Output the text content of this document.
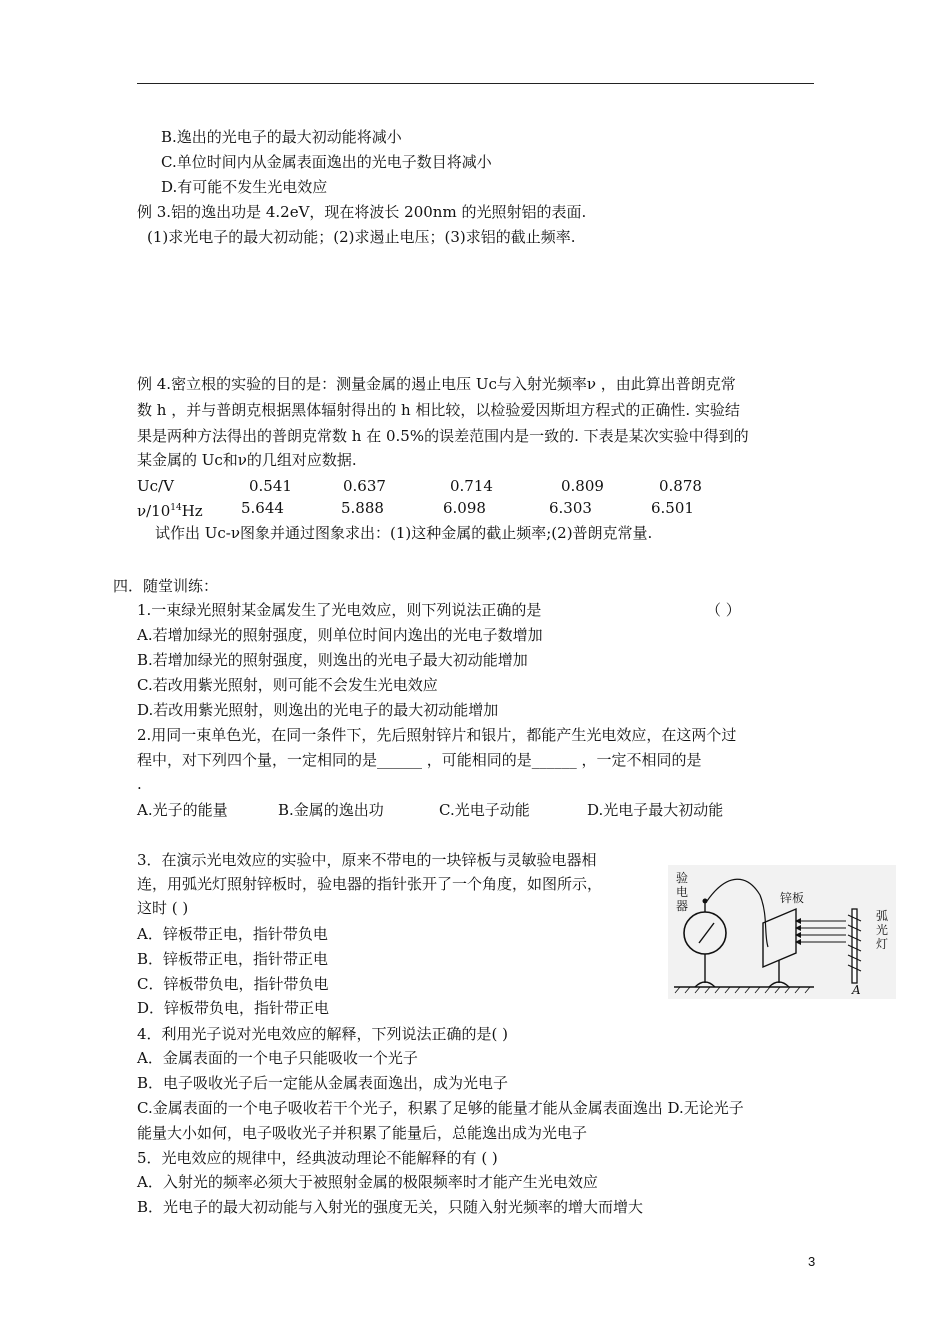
B.逸出的光电子的最大初动能将减小
C.单位时间内从金属表面逸出的光电子数目将减小
D.有可能不发生光电效应
例 3.铝的逸出功是 4.2eV，现在将波长 200nm 的光照射铝的表面.
(1)求光电子的最大初动能；(2)求遏止电压；(3)求铝的截止频率.
例 4.密立根的实验的目的是：测量金属的遏止电压 Uᴄ与入射光频率ν ，由此算出普朗克常
数 h ，并与普朗克根据黑体辐射得出的 h 相比较，以检验爱因斯坦方程式的正确性. 实验结
果是两种方法得出的普朗克常数 h 在 0.5%的误差范围内是一致的. 下表是某次实验中得到的
某金属的 Uᴄ和ν的几组对应数据.
Uc/V	0.541	0.637	0.714	0.809	0.878
$\nu/10^{14}Hz$	5.644	5.888	6.098	6.303	6.501
试作出 Uc-ν图象并通过图象求出：(1)这种金属的截止频率;(2)普朗克常量.
四．随堂训练：
1.一束绿光照射某金属发生了光电效应，则下列说法正确的是	（ ）
A.若增加绿光的照射强度，则单位时间内逸出的光电子数增加
B.若增加绿光的照射强度，则逸出的光电子最大初动能增加
C.若改用紫光照射，则可能不会发生光电效应
D.若改用紫光照射，则逸出的光电子的最大初动能增加
2.用同一束单色光，在同一条件下，先后照射锌片和银片，都能产生光电效应，在这两个过
程中，对下列四个量，一定相同的是______ ，可能相同的是______ ，一定不相同的是
.
A.光子的能量	B.金属的逸出功	C.光电子动能	D.光电子最大初动能
3．在演示光电效应的实验中，原来不带电的一块锌板与灵敏验电器相
连，用弧光灯照射锌板时，验电器的指针张开了一个角度，如图所示，
这时 ( )
A．锌板带正电，指针带负电
B．锌板带正电，指针带正电
C．锌板带负电，指针带负电
D．锌板带负电，指针带正电
验
电
器
锌板
弧
光
灯
A
4．利用光子说对光电效应的解释，下列说法正确的是( )
A．金属表面的一个电子只能吸收一个光子
B．电子吸收光子后一定能从金属表面逸出，成为光电子
C.金属表面的一个电子吸收若干个光子，积累了足够的能量才能从金属表面逸出 D.无论光子
能量大小如何，电子吸收光子并积累了能量后，总能逸出成为光电子
5．光电效应的规律中，经典波动理论不能解释的有 ( )
A．入射光的频率必须大于被照射金属的极限频率时才能产生光电效应
B．光电子的最大初动能与入射光的强度无关，只随入射光频率的增大而增大
3
